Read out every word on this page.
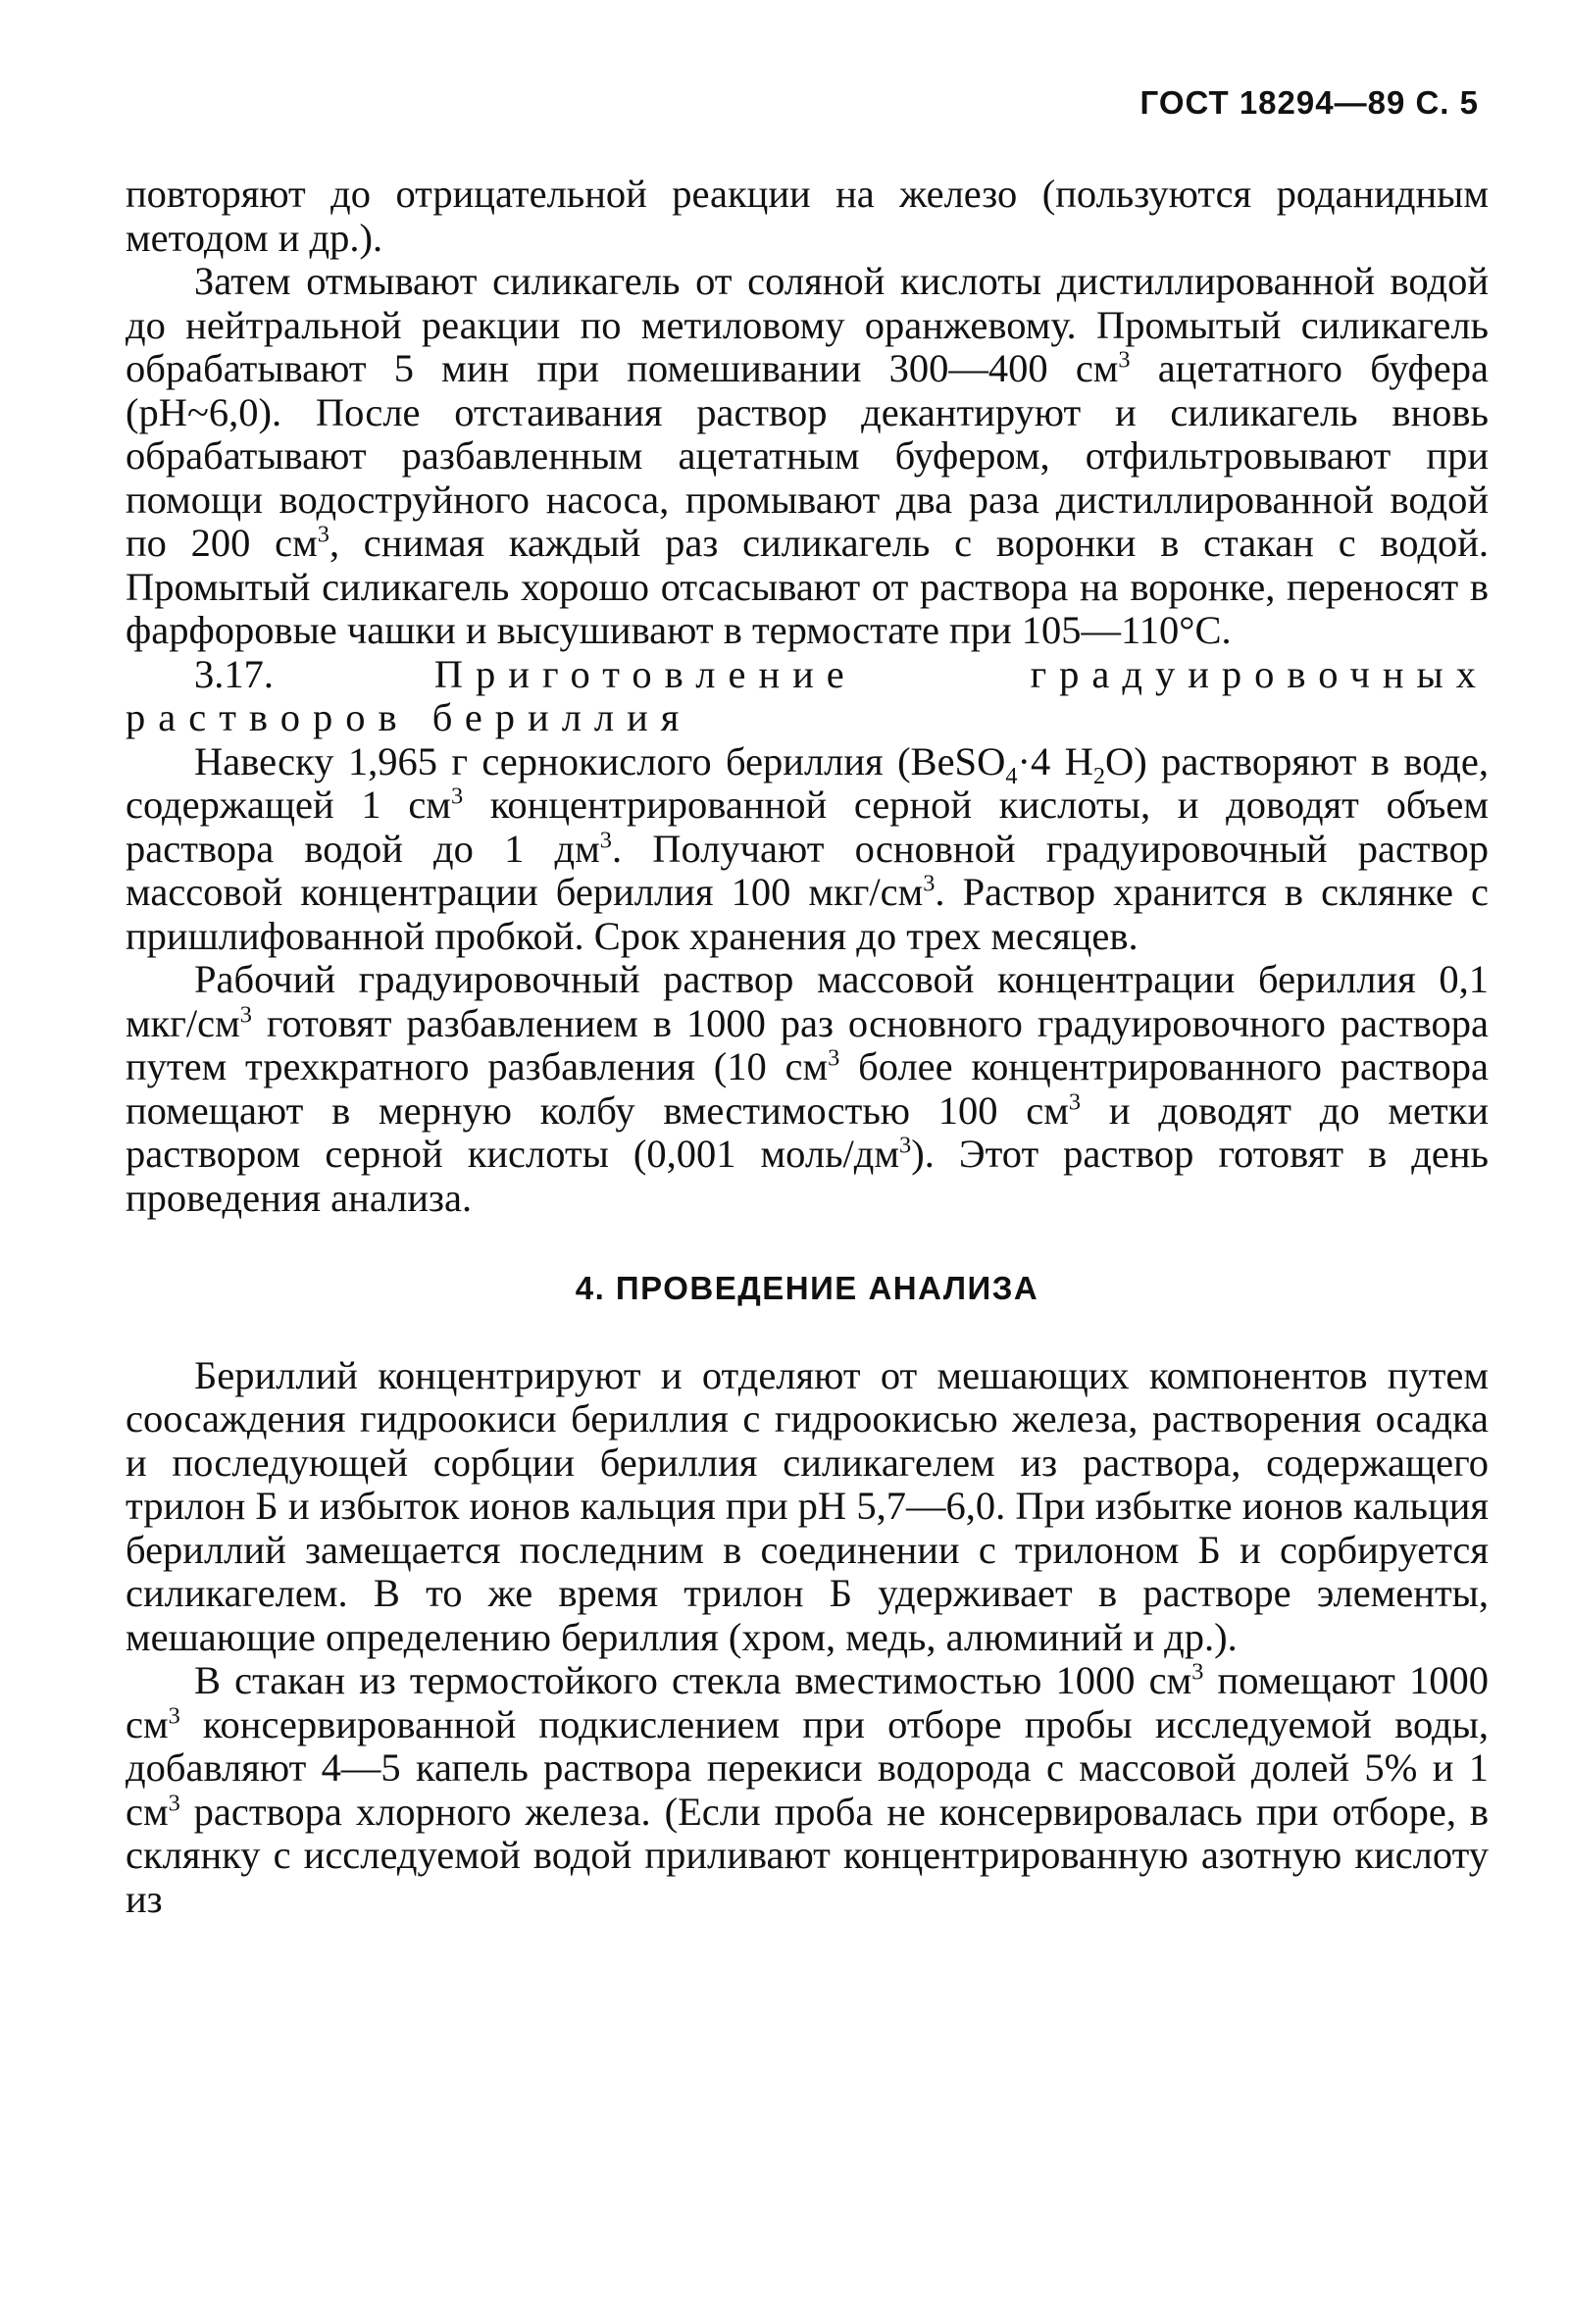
ГОСТ 18294—89 С. 5

повторяют до отрицательной реакции на железо (пользуются роданидным методом и др.).

Затем отмывают силикагель от соляной кислоты дистиллированной водой до нейтральной реакции по метиловому оранжевому. Промытый силикагель обрабатывают 5 мин при помешивании 300—400 $см^3$ ацетатного буфера (pH~6,0). После отстаивания раствор декантируют и силикагель вновь обрабатывают разбавленным ацетатным буфером, отфильтровывают при помощи водоструйного насоса, промывают два раза дистиллированной водой по 200 $см^3$, снимая каждый раз силикагель с воронки в стакан с водой. Промытый силикагель хорошо отсасывают от раствора на воронке, переносят в фарфоровые чашки и высушивают в термостате при 105—110°С.

3.17.	Приготовление градуировочных растворов бериллия

Навеску 1,965 г сернокислого бериллия (BeSO$_4$·4 $H_2O$) растворяют в воде, содержащей 1 $см^3$ концентрированной серной кислоты, и доводят объем раствора водой до 1 $дм^3$. Получают основной градуировочный раствор массовой концентрации бериллия 100 мкг/$см^3$. Раствор хранится в склянке с пришлифованной пробкой. Срок хранения до трех месяцев.

Рабочий градуировочный раствор массовой концентрации бериллия 0,1 мкг/$см^3$ готовят разбавлением в 1000 раз основного градуировочного раствора путем трехкратного разбавления (10 $см^3$ более концентрированного раствора помещают в мерную колбу вместимостью 100 $см^3$ и доводят до метки раствором серной кислоты (0,001 моль/$дм^3$). Этот раствор готовят в день проведения анализа.

4. ПРОВЕДЕНИЕ АНАЛИЗА

Бериллий концентрируют и отделяют от мешающих компонентов путем соосаждения гидроокиси бериллия с гидроокисью железа, растворения осадка и последующей сорбции бериллия силикагелем из раствора, содержащего трилон Б и избыток ионов кальция при pH 5,7—6,0. При избытке ионов кальция бериллий замещается последним в соединении с трилоном Б и сорбируется силикагелем. В то же время трилон Б удерживает в растворе элементы, мешающие определению бериллия (хром, медь, алюминий и др.).

В стакан из термостойкого стекла вместимостью 1000 $см^3$ помещают 1000 $см^3$ консервированной подкислением при отборе пробы исследуемой воды, добавляют 4—5 капель раствора перекиси водорода с массовой долей 5% и 1 $см^3$ раствора хлорного железа. (Если проба не консервировалась при отборе, в склянку с исследуемой водой приливают концентрированную азотную кислоту из
